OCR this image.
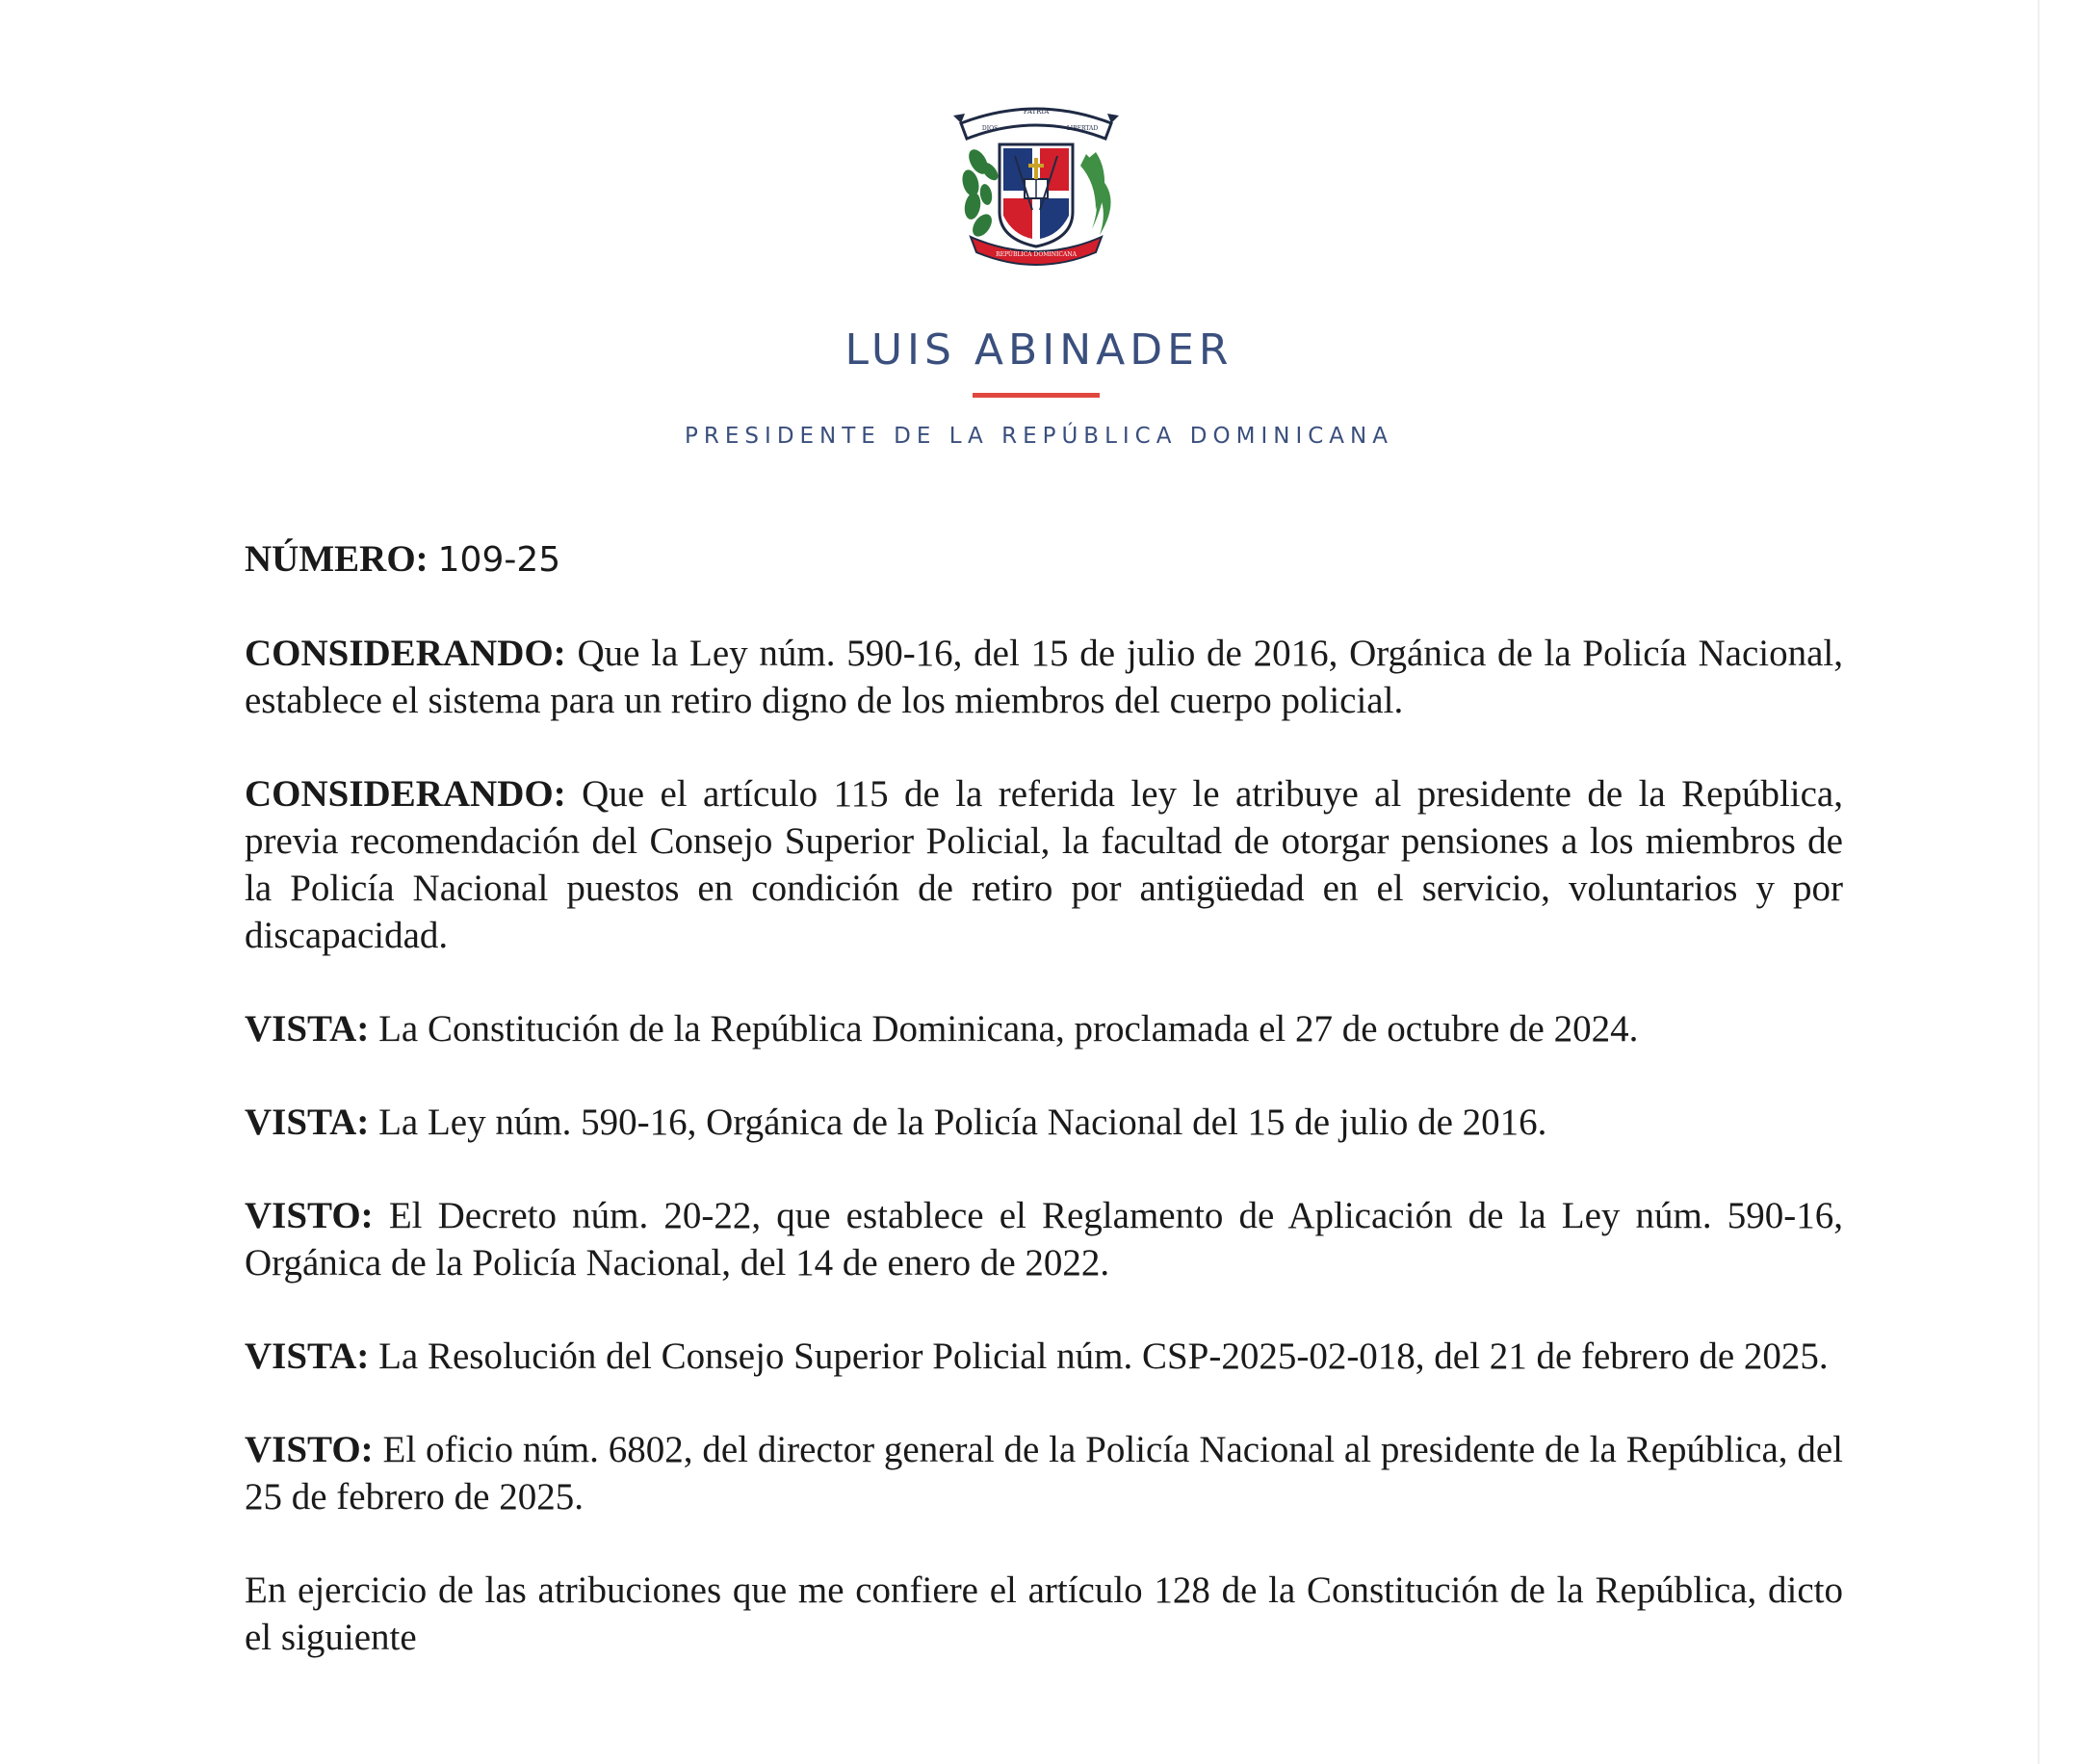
PATRIA
DIOS	LIBERTAD
REPÚBLICA DOMINICANA
LUIS ABINADER
PRESIDENTE DE LA REPÚBLICA DOMINICANA

NÚMERO: 109-25

CONSIDERANDO: Que la Ley núm. 590-16, del 15 de julio de 2016, Orgánica de la Policía Nacional, establece el sistema para un retiro digno de los miembros del cuerpo policial.

CONSIDERANDO: Que el artículo 115 de la referida ley le atribuye al presidente de la República, previa recomendación del Consejo Superior Policial, la facultad de otorgar pensiones a los miembros de la Policía Nacional puestos en condición de retiro por antigüedad en el servicio, voluntarios y por discapacidad.

VISTA: La Constitución de la República Dominicana, proclamada el 27 de octubre de 2024.

VISTA: La Ley núm. 590-16, Orgánica de la Policía Nacional del 15 de julio de 2016.

VISTO: El Decreto núm. 20-22, que establece el Reglamento de Aplicación de la Ley núm. 590-16, Orgánica de la Policía Nacional, del 14 de enero de 2022.

VISTA: La Resolución del Consejo Superior Policial núm. CSP-2025-02-018, del 21 de febrero de 2025.

VISTO: El oficio núm. 6802, del director general de la Policía Nacional al presidente de la República, del 25 de febrero de 2025.

En ejercicio de las atribuciones que me confiere el artículo 128 de la Constitución de la República, dicto el siguiente
